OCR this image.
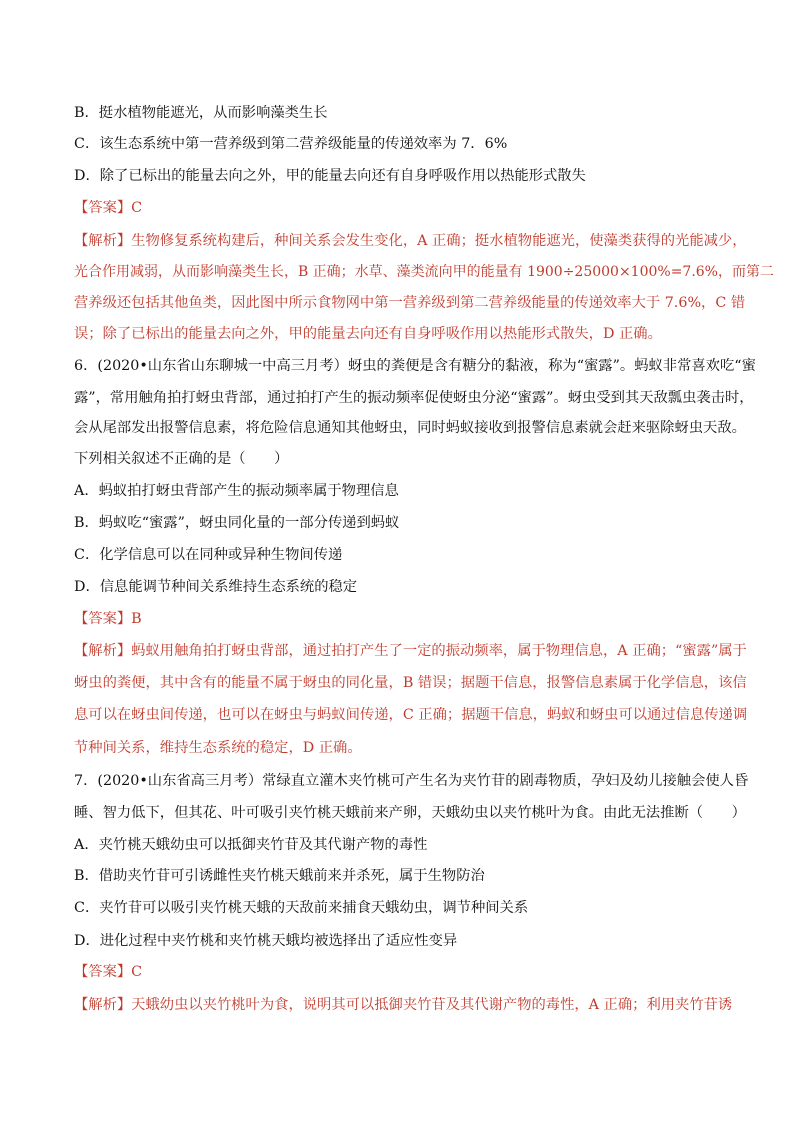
B．挺水植物能遮光，从而影响藻类生长
C．该生态系统中第一营养级到第二营养级能量的传递效率为 7．6%
D．除了已标出的能量去向之外，甲的能量去向还有自身呼吸作用以热能形式散失
【答案】C
【解析】生物修复系统构建后，种间关系会发生变化，A 正确；挺水植物能遮光，使藻类获得的光能减少，
光合作用减弱，从而影响藻类生长，B 正确；水草、藻类流向甲的能量有 1900÷25000×100%=7.6%，而第二
营养级还包括其他鱼类，因此图中所示食物网中第一营养级到第二营养级能量的传递效率大于 7.6%，C 错
误；除了已标出的能量去向之外，甲的能量去向还有自身呼吸作用以热能形式散失，D 正确。
6．(2020•山东省山东聊城一中高三月考）蚜虫的粪便是含有糖分的黏液，称为“蜜露”。蚂蚁非常喜欢吃“蜜
露”，常用触角拍打蚜虫背部，通过拍打产生的振动频率促使蚜虫分泌“蜜露”。蚜虫受到其天敌瓢虫袭击时，
会从尾部发出报警信息素，将危险信息通知其他蚜虫，同时蚂蚁接收到报警信息素就会赶来驱除蚜虫天敌。
下列相关叙述不正确的是（　　）
A．蚂蚁拍打蚜虫背部产生的振动频率属于物理信息
B．蚂蚁吃“蜜露”，蚜虫同化量的一部分传递到蚂蚁
C．化学信息可以在同种或异种生物间传递
D．信息能调节种间关系维持生态系统的稳定
【答案】B
【解析】蚂蚁用触角拍打蚜虫背部，通过拍打产生了一定的振动频率，属于物理信息，A 正确；“蜜露”属于
蚜虫的粪便，其中含有的能量不属于蚜虫的同化量，B 错误；据题干信息，报警信息素属于化学信息，该信
息可以在蚜虫间传递，也可以在蚜虫与蚂蚁间传递，C 正确；据题干信息，蚂蚁和蚜虫可以通过信息传递调
节种间关系，维持生态系统的稳定，D 正确。
7．(2020•山东省高三月考）常绿直立灌木夹竹桃可产生名为夹竹苷的剧毒物质，孕妇及幼儿接触会使人昏
睡、智力低下，但其花、叶可吸引夹竹桃天蛾前来产卵，天蛾幼虫以夹竹桃叶为食。由此无法推断（　　）
A．夹竹桃天蛾幼虫可以抵御夹竹苷及其代谢产物的毒性
B．借助夹竹苷可引诱雌性夹竹桃天蛾前来并杀死，属于生物防治
C．夹竹苷可以吸引夹竹桃天蛾的天敌前来捕食天蛾幼虫，调节种间关系
D．进化过程中夹竹桃和夹竹桃天蛾均被选择出了适应性变异
【答案】C
【解析】天蛾幼虫以夹竹桃叶为食，说明其可以抵御夹竹苷及其代谢产物的毒性，A 正确；利用夹竹苷诱
